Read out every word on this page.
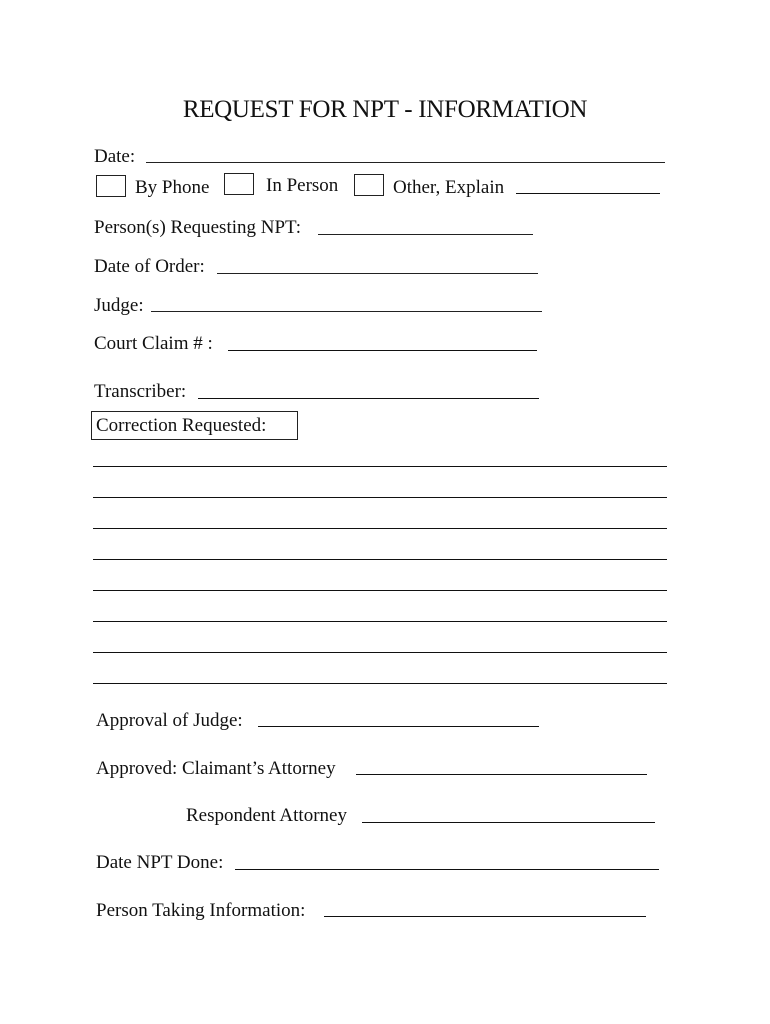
REQUEST FOR NPT - INFORMATION
Date:
By Phone	In Person	Other, Explain
Person(s) Requesting NPT:
Date of Order:
Judge:
Court Claim # :
Transcriber:
Correction Requested:
Approval of Judge:
Approved: Claimant’s Attorney
Respondent Attorney
Date NPT Done:
Person Taking Information:
